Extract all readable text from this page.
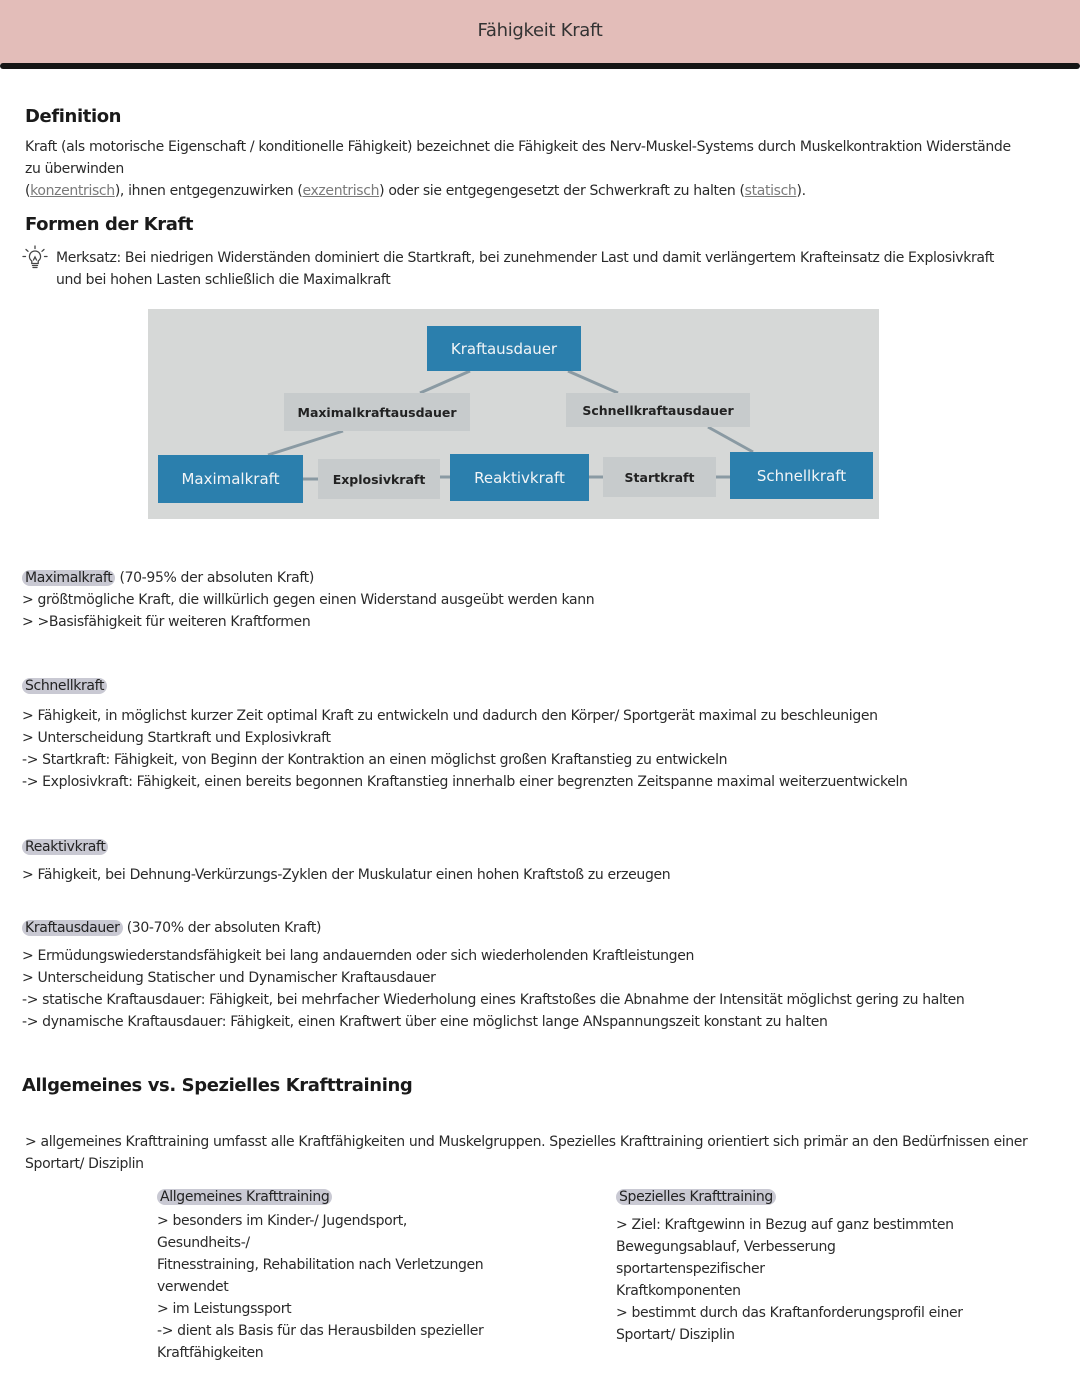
Fähigkeit Kraft
Definition

Kraft (als motorische Eigenschaft / konditionelle Fähigkeit) bezeichnet die Fähigkeit des Nerv-Muskel-Systems durch Muskelkontraktion Widerstände zu überwinden
(konzentrisch), ihnen entgegenzuwirken (exzentrisch) oder sie entgegengesetzt der Schwerkraft zu halten (statisch).

Formen der Kraft

Merksatz: Bei niedrigen Widerständen dominiert die Startkraft, bei zunehmender Last und damit verlängertem Krafteinsatz die Explosivkraft und bei hohen Lasten schließlich die Maximalkraft

Kraftausdauer
Maximalkraftausdauer	Schnellkraftausdauer
Maximalkraft	Explosivkraft	Reaktivkraft	Startkraft	Schnellkraft
Maximalkraft (70-95% der absoluten Kraft)
> größtmögliche Kraft, die willkürlich gegen einen Widerstand ausgeübt werden kann
> >Basisfähigkeit für weiteren Kraftformen
Schnellkraft
> Fähigkeit, in möglichst kurzer Zeit optimal Kraft zu entwickeln und dadurch den Körper/ Sportgerät maximal zu beschleunigen
> Unterscheidung Startkraft und Explosivkraft
-> Startkraft: Fähigkeit, von Beginn der Kontraktion an einen möglichst großen Kraftanstieg zu entwickeln
-> Explosivkraft: Fähigkeit, einen bereits begonnen Kraftanstieg innerhalb einer begrenzten Zeitspanne maximal weiterzuentwickeln
Reaktivkraft
> Fähigkeit, bei Dehnung-Verkürzungs-Zyklen der Muskulatur einen hohen Kraftstoß zu erzeugen
Kraftausdauer (30-70% der absoluten Kraft)
> Ermüdungswiederstandsfähigkeit bei lang andauernden oder sich wiederholenden Kraftleistungen
> Unterscheidung Statischer und Dynamischer Kraftausdauer
-> statische Kraftausdauer: Fähigkeit, bei mehrfacher Wiederholung eines Kraftstoßes die Abnahme der Intensität möglichst gering zu halten
-> dynamische Kraftausdauer: Fähigkeit, einen Kraftwert über eine möglichst lange ANspannungszeit konstant zu halten
Allgemeines vs. Spezielles Krafttraining

> allgemeines Krafttraining umfasst alle Kraftfähigkeiten und Muskelgruppen. Spezielles Krafttraining orientiert sich primär an den Bedürfnissen einer Sportart/ Disziplin

Allgemeines Krafttraining
> besonders im Kinder-/ Jugendsport, Gesundheits-/
Fitnesstraining, Rehabilitation nach Verletzungen
verwendet
> im Leistungssport
-> dient als Basis für das Herausbilden spezieller
Kraftfähigkeiten
Spezielles Krafttraining
> Ziel: Kraftgewinn in Bezug auf ganz bestimmten
Bewegungsablauf, Verbesserung sportartenspezifischer
Kraftkomponenten
> bestimmt durch das Kraftanforderungsprofil einer
Sportart/ Disziplin
